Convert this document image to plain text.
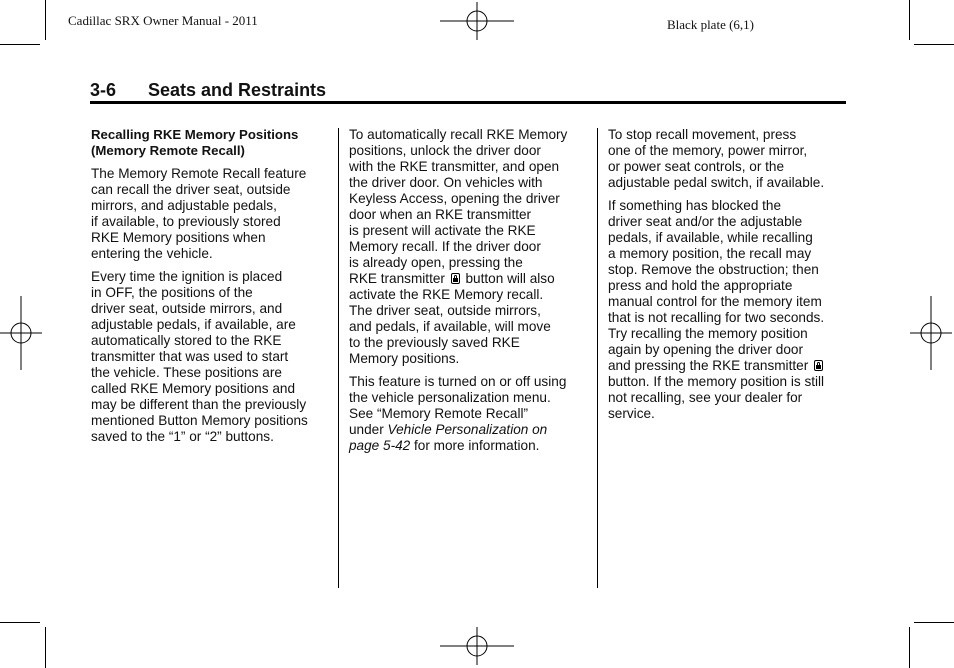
Cadillac SRX Owner Manual - 2011	Black plate (6,1)
3-6 Seats and Restraints
Recalling RKE Memory Positions
(Memory Remote Recall)

The Memory Remote Recall feature
can recall the driver seat, outside
mirrors, and adjustable pedals,
if available, to previously stored
RKE Memory positions when
entering the vehicle.

Every time the ignition is placed
in OFF, the positions of the
driver seat, outside mirrors, and
adjustable pedals, if available, are
automatically stored to the RKE
transmitter that was used to start
the vehicle. These positions are
called RKE Memory positions and
may be different than the previously
mentioned Button Memory positions
saved to the “1” or “2” buttons.

To automatically recall RKE Memory
positions, unlock the driver door
with the RKE transmitter, and open
the driver door. On vehicles with
Keyless Access, opening the driver
door when an RKE transmitter
is present will activate the RKE
Memory recall. If the driver door
is already open, pressing the
RKE transmitter button will also
activate the RKE Memory recall.
The driver seat, outside mirrors,
and pedals, if available, will move
to the previously saved RKE
Memory positions.

This feature is turned on or off using
the vehicle personalization menu.
See “Memory Remote Recall”
under Vehicle Personalization on
page 5-42 for more information.

To stop recall movement, press
one of the memory, power mirror,
or power seat controls, or the
adjustable pedal switch, if available.

If something has blocked the
driver seat and/or the adjustable
pedals, if available, while recalling
a memory position, the recall may
stop. Remove the obstruction; then
press and hold the appropriate
manual control for the memory item
that is not recalling for two seconds.
Try recalling the memory position
again by opening the driver door
and pressing the RKE transmitter
button. If the memory position is still
not recalling, see your dealer for
service.
